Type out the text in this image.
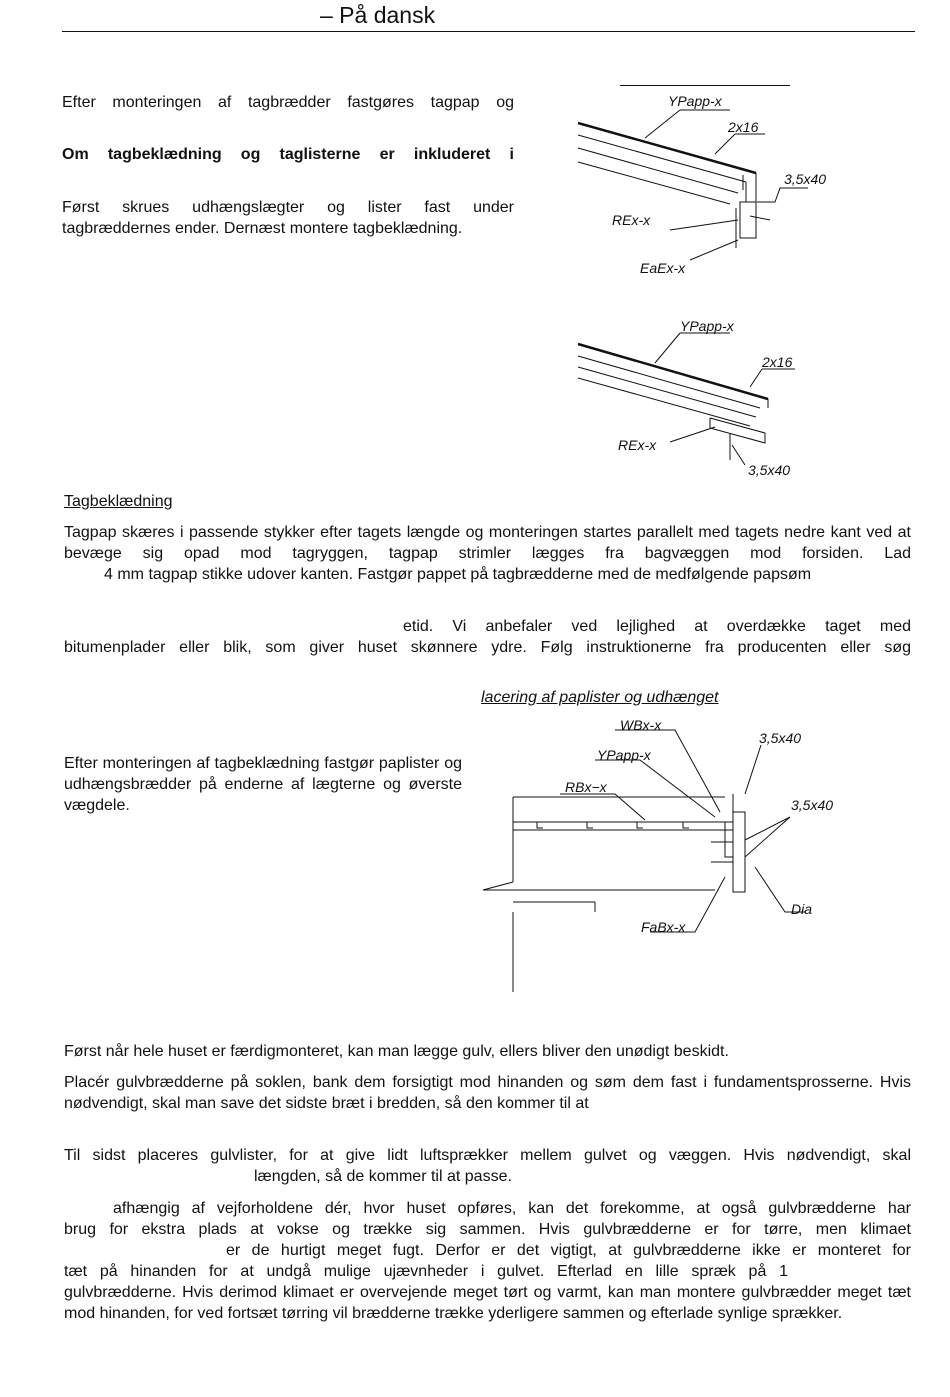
– På dansk
Efter monteringen af tagbrædder fastgøres tagpap og
Om tagbeklædning og taglisterne er inkluderet i
Først skrues udhængslægter og lister fast under tagbræddernes ender. Dernæst montere tagbeklædning.
YPapp-x
2x16
3,5x40
REx-x
EaEx-x
YPapp-x
2x16
REx-x
3,5x40
Tagbeklædning
Tagpap skæres i passende stykker efter tagets længde og monteringen startes parallelt med tagets nedre kant ved at bevæge sig opad mod tagryggen, tagpap strimler lægges fra bagvæggen mod forsiden. Lad
4 mm tagpap stikke udover kanten. Fastgør pappet på tagbrædderne med de medfølgende papsøm
etid. Vi anbefaler ved lejlighed at overdække taget med
bitumenplader eller blik, som giver huset skønnere ydre. Følg instruktionerne fra producenten eller søg
lacering af paplister og udhænget
Efter monteringen af tagbeklædning fastgør paplister og udhængsbrædder på enderne af lægterne og øverste vægdele.
WBx-x
YPapp-x
3,5x40
RBx−x
3,5x40
Dia
FaBx-x
Først når hele huset er færdigmonteret, kan man lægge gulv, ellers bliver den unødigt beskidt.
Placér gulvbrædderne på soklen, bank dem forsigtigt mod hinanden og søm dem fast i fundamentsprosserne. Hvis nødvendigt, skal man save det sidste bræt i bredden, så den kommer til at
Til sidst placeres gulvlister, for at give lidt luftsprækker mellem gulvet og væggen. Hvis nødvendigt, skal
længden, så de kommer til at passe.
afhængig af vejforholdene dér, hvor huset opføres, kan det forekomme, at også gulvbrædderne har
brug for ekstra plads at vokse og trække sig sammen. Hvis gulvbrædderne er for tørre, men klimaet
er de hurtigt meget fugt. Derfor er det vigtigt, at gulvbrædderne ikke er monteret for
tæt på hinanden for at undgå mulige ujævnheder i gulvet. Efterlad en lille spræk på 1
gulvbrædderne. Hvis derimod klimaet er overvejende meget tørt og varmt, kan man montere gulvbrædder meget tæt mod hinanden, for ved fortsæt tørring vil brædderne trække yderligere sammen og efterlade synlige sprækker.
